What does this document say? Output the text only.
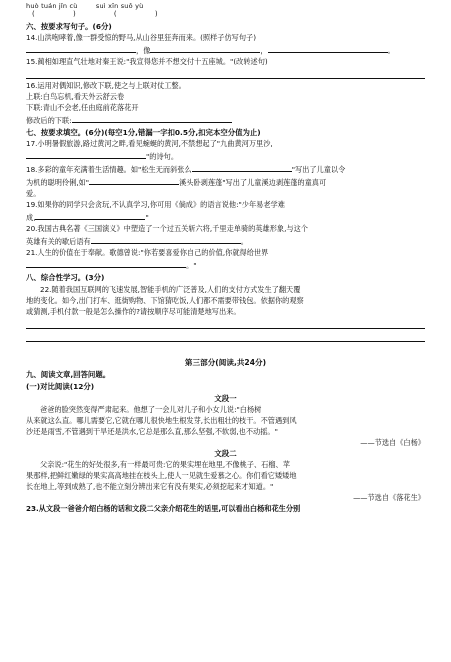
huò tuán jǐn cù	suì xīn suǒ yù
( ) ( )
六、按要求写句子。(6分)
14.山洪咆哮着,像一群受惊的野马,从山谷里狂奔而来。(照样子仿写句子)
，像	，	。
15.蔺相如理直气壮地对秦王说:"我宣得您并不想交付十五座城。"(改转述句)
16.运用对偶知识,修改下联,使之与上联对仗工整。
上联:白鸟忘机,看天外云舒云卷
下联:青山不会老,任由庭前花落花开
修改后的下联:
七、按要求填空。(6分)(每空1分,错漏一字扣0.5分,扣完本空分值为止)
17.小明暑假旅游,路过黄河之畔,看见蜿蜒的黄河,不禁想起了"九曲黄河万里沙,
"的诗句。
18.多彩的童年充满着生活情趣。如"松生无而斜张么	"写出了儿童以令
为机的聪明伶俐,如"	溪头卧剥莲蓬"写出了儿童溪边剥莲蓬的童真可
爱。
19.如果你的同学只会贪玩,不认真学习,你可用《倘成》的语言说他:"少年易老学难
成,	"
20.我国古典名著《三国演义》中塑造了一个过五关斩六将,千里走单骑的英雄形象,与这个
英雄有关的歇后语有	。
21.人生的价值在于奉献。歌德曾说:"你若要喜爱你自己的价值,你就得给世界
。"
八、综合性学习。(3分)
22.随着我国互联网的飞速发展,智能手机的广泛普及,人们的支付方式发生了翻天覆
地的变化。如今,出门打车、逛街购物、下馆猜吃饭,人们都不需要带钱包。依据你的观察
或猜测,手机付款一般是怎么操作的?请按顺序尽可能清楚地写出来。
第三部分(阅读,共24分)
九、阅读文章,回答问题。
(一)对比阅读(12分)
文段一
爸爸的脸突然变得严肃起来。他想了一会儿对儿子和小女儿说:"白杨树
从来就这么直。哪儿需要它,它就在哪儿很快地生根发芽,长出粗壮的枝干。不管遇到风
沙还是雨雪,不管遇到干旱还是洪水,它总是那么直,那么坚强,不软弱,也不动摇。"
——节选自《白杨》
文段二
父亲说:"花生的好处很多,有一样最可贵:它的果实埋在地里,不像桃子、石榴、苹
果那样,把鲜红嫩绿的果实高高地挂在枝头上,使人一见就生爱慕之心。你们看它矮矮地
长在地上,等到成熟了,也不能立刻分辨出来它有没有果实,必须挖起来才知道。"
——节选自《落花生》
23.从文段一爸爸介绍白杨的话和文段二父亲介绍花生的话里,可以看出白杨和花生分别
